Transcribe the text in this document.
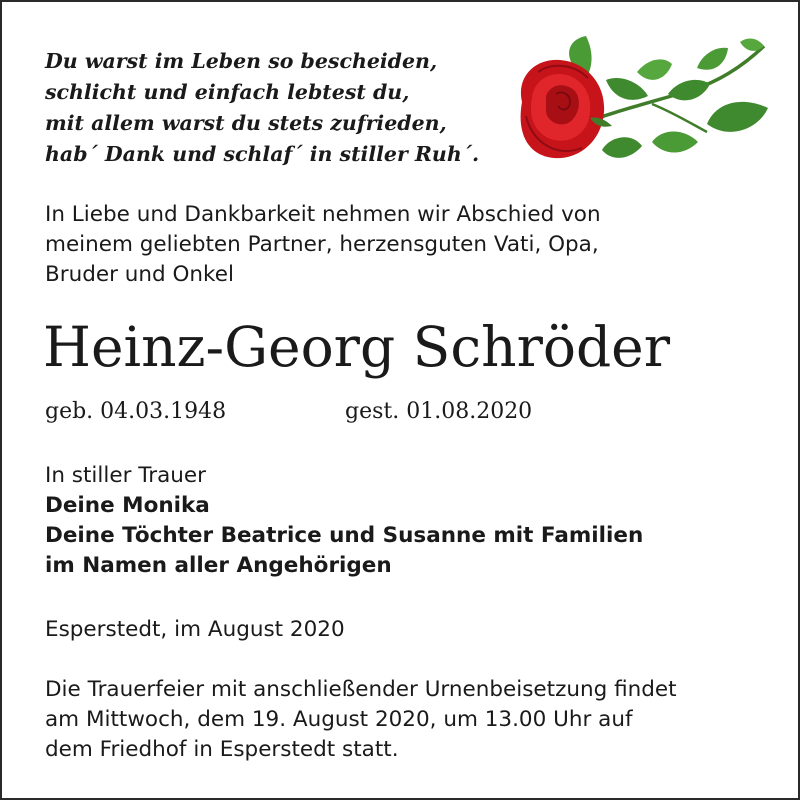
Du warst im Leben so bescheiden,
schlicht und einfach lebtest du,
mit allem warst du stets zufrieden,
hab´ Dank und schlaf´ in stiller Ruh´.
In Liebe und Dankbarkeit nehmen wir Abschied von
meinem geliebten Partner, herzensguten Vati, Opa,
Bruder und Onkel
Heinz-Georg Schröder
geb. 04.03.1948	gest. 01.08.2020
In stiller Trauer
Deine Monika
Deine Töchter Beatrice und Susanne mit Familien
im Namen aller Angehörigen
Esperstedt, im August 2020
Die Trauerfeier mit anschließender Urnenbeisetzung findet
am Mittwoch, dem 19. August 2020, um 13.00 Uhr auf
dem Friedhof in Esperstedt statt.
